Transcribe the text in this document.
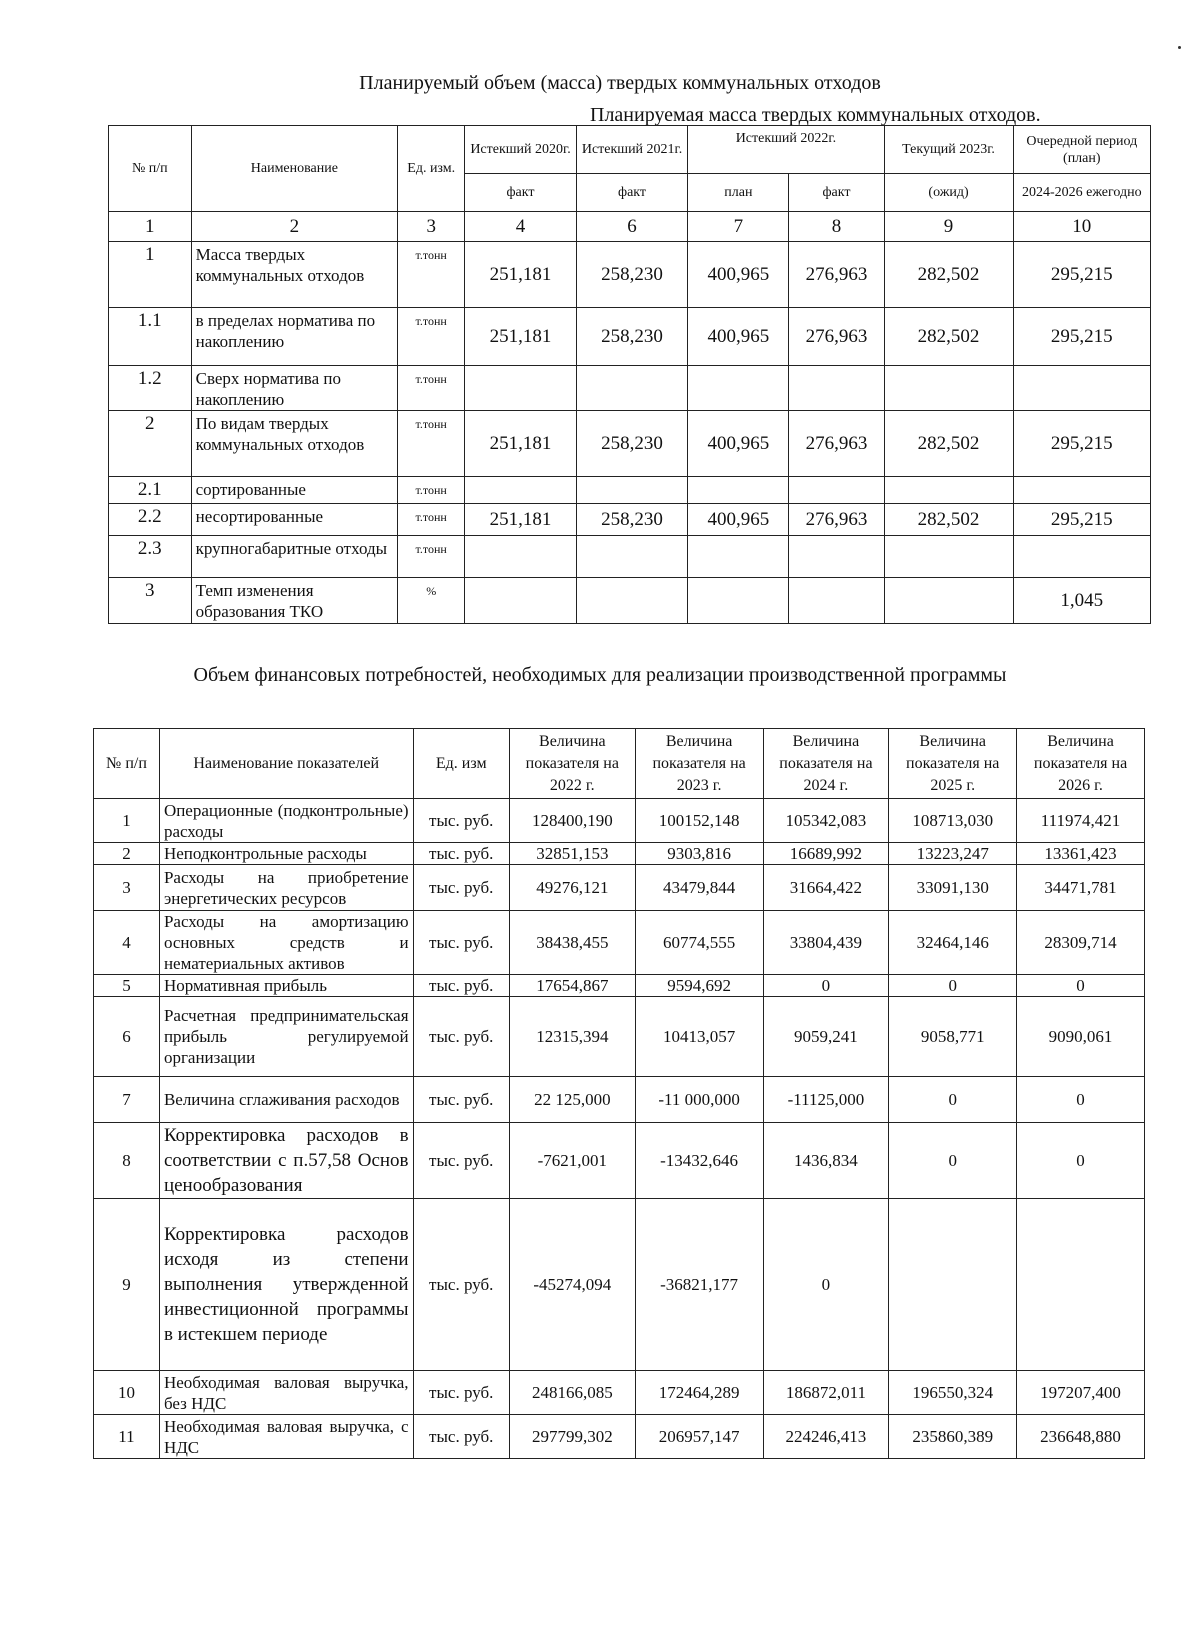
Планируемый объем (масса) твердых коммунальных отходов
Планируемая масса твердых коммунальных отходов.
№ п/п	Наименование	Ед. изм.	Истекший 2020г.	Истекший 2021г.	Истекший 2022г.		Текущий 2023г.	Очередной период (план)
			факт	факт	план	факт	(ожид)	2024-2026 ежегодно
1	2	3	4	6	7	8	9	10
1	Масса твердых коммунальных отходов	т.тонн	251,181	258,230	400,965	276,963	282,502	295,215
1.1	в пределах норматива по накоплению	т.тонн	251,181	258,230	400,965	276,963	282,502	295,215
1.2	Сверх норматива по накоплению	т.тонн						
2	По видам твердых коммунальных отходов	т.тонн	251,181	258,230	400,965	276,963	282,502	295,215
2.1	сортированные	т.тонн						
2.2	несортированные	т.тонн	251,181	258,230	400,965	276,963	282,502	295,215
2.3	крупногабаритные отходы	т.тонн						
3	Темп изменения образования ТКО	%						1,045
Объем финансовых потребностей, необходимых для реализации производственной программы
№ п/п	Наименование показателей	Ед. изм	Величина показателя на 2022 г.	Величина показателя на 2023 г.	Величина показателя на 2024 г.	Величина показателя на 2025 г.	Величина показателя на 2026 г.
1	Операционные (подконтрольные) расходы	тыс. руб.	128400,190	100152,148	105342,083	108713,030	111974,421
2	Неподконтрольные расходы	тыс. руб.	32851,153	9303,816	16689,992	13223,247	13361,423
3	Расходы на приобретение энергетических ресурсов	тыс. руб.	49276,121	43479,844	31664,422	33091,130	34471,781
4	Расходы на амортизацию основных средств и нематериальных активов	тыс. руб.	38438,455	60774,555	33804,439	32464,146	28309,714
5	Нормативная прибыль	тыс. руб.	17654,867	9594,692	0	0	0
6	Расчетная предпринимательская прибыль регулируемой организации	тыс. руб.	12315,394	10413,057	9059,241	9058,771	9090,061
7	Величина сглаживания расходов	тыс. руб.	22 125,000	-11 000,000	-11125,000	0	0
8	Корректировка расходов в соответствии с п.57,58 Основ ценообразования	тыс. руб.	-7621,001	-13432,646	1436,834	0	0
9	Корректировка расходов исходя из степени выполнения утвержденной инвестиционной программы в истекшем периоде	тыс. руб.	-45274,094	-36821,177	0		
10	Необходимая валовая выручка, без НДС	тыс. руб.	248166,085	172464,289	186872,011	196550,324	197207,400
11	Необходимая валовая выручка, с НДС	тыс. руб.	297799,302	206957,147	224246,413	235860,389	236648,880
